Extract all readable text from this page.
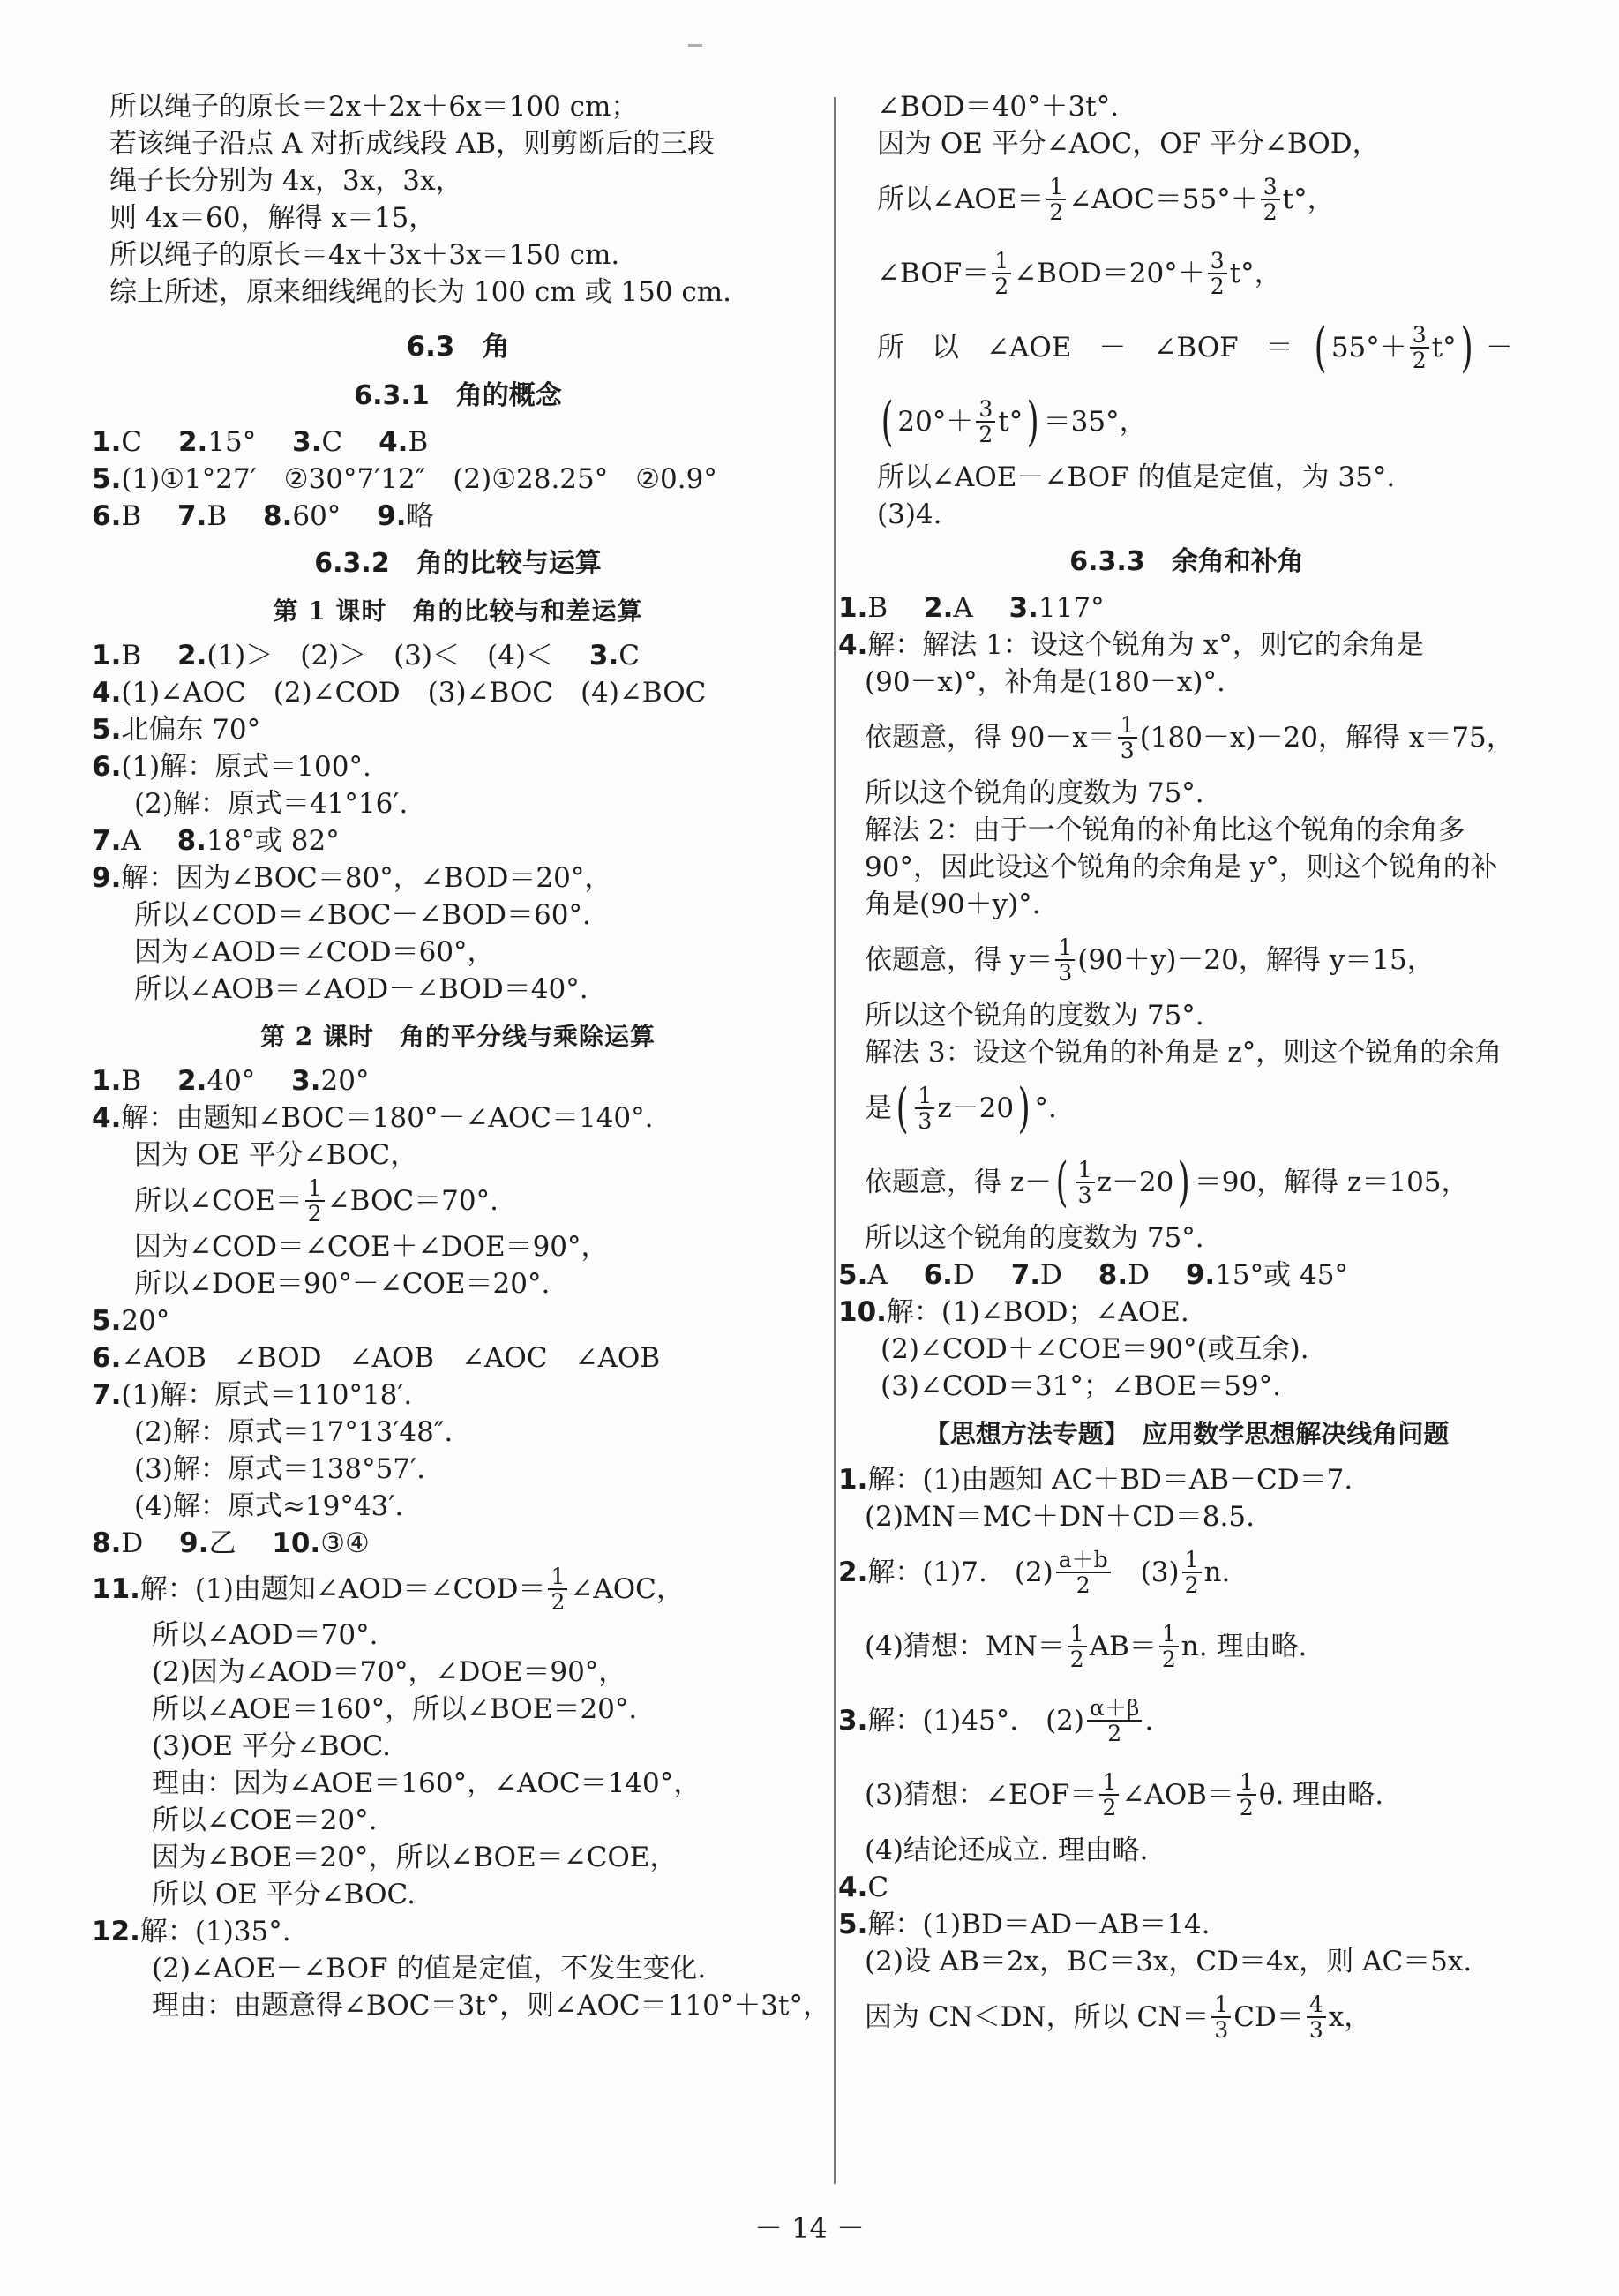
所以绳子的原长＝2x＋2x＋6x＝100 cm；
若该绳子沿点 A 对折成线段 AB，则剪断后的三段
绳子长分别为 4x，3x，3x，
则 4x＝60，解得 x＝15，
所以绳子的原长＝4x＋3x＋3x＝150 cm.
综上所述，原来细线绳的长为 100 cm 或 150 cm.
6.3　角
6.3.1　角的概念
1.C　 2.15°　 3.C　 4.B
5.(1)①1°27′　②30°7′12″　(2)①28.25°　②0.9°
6.B　 7.B　 8.60°　 9.略
6.3.2　角的比较与运算
第 1 课时　角的比较与和差运算
1.B　 2.(1)＞　(2)＞　(3)＜　(4)＜　 3.C
4.(1)∠AOC　(2)∠COD　(3)∠BOC　(4)∠BOC
5.北偏东 70°
6.(1)解：原式＝100°.
(2)解：原式＝41°16′.
7.A　 8.18°或 82°
9.解：因为∠BOC＝80°，∠BOD＝20°，
所以∠COD＝∠BOC－∠BOD＝60°.
因为∠AOD＝∠COD＝60°，
所以∠AOB＝∠AOD－∠BOD＝40°.
第 2 课时　角的平分线与乘除运算
1.B　 2.40°　 3.20°
4.解：由题知∠BOC＝180°－∠AOC＝140°.
因为 OE 平分∠BOC，
所以∠COE＝ $\frac{1}{2}$ ∠BOC＝70°.
因为∠COD＝∠COE＋∠DOE＝90°，
所以∠DOE＝90°－∠COE＝20°.
5.20°
6.∠AOB　∠BOD　∠AOB　∠AOC　∠AOB
7.(1)解：原式＝110°18′.
(2)解：原式＝17°13′48″.
(3)解：原式＝138°57′.
(4)解：原式≈19°43′.
8.D　 9.乙　 10.③④
11. 解：(1)由题知∠AOD＝∠COD＝ $\frac{1}{2}$ ∠AOC，
所以∠AOD＝70°.
(2)因为∠AOD＝70°，∠DOE＝90°，
所以∠AOE＝160°，所以∠BOE＝20°.
(3)OE 平分∠BOC.
理由：因为∠AOE＝160°，∠AOC＝140°，
所以∠COE＝20°.
因为∠BOE＝20°，所以∠BOE＝∠COE，
所以 OE 平分∠BOC.
12.解：(1)35°.
(2)∠AOE－∠BOF 的值是定值，不发生变化.
理由：由题意得∠BOC＝3t°，则∠AOC＝110°＋3t°，
∠BOD＝40°＋3t°.
因为 OE 平分∠AOC，OF 平分∠BOD，
所以∠AOE＝ $\frac{1}{2}$ ∠AOC＝55°＋ $\frac{3}{2} t^\circ$，
∠BOF＝ $\frac{1}{2}$ ∠BOD＝20°＋ $\frac{3}{2} t^\circ$，
所　以　∠AOE　－　∠BOF　＝
( $55^\circ+ \frac{3}{2} t^\circ$ )
－
( $20^\circ+ \frac{3}{2} t^\circ$ ) ＝35°，
所以∠AOE－∠BOF 的值是定值，为 35°.
(3)4.
6.3.3　余角和补角
1.B　 2.A　 3.117°
4.解：解法 1：设这个锐角为 x°，则它的余角是
(90－x)°，补角是(180－x)°.
依题意，得 $90-x= \frac{1}{3} (180-x)-20$，解得 x＝75，
所以这个锐角的度数为 75°.
解法 2：由于一个锐角的补角比这个锐角的余角多
90°，因此设这个锐角的余角是 y°，则这个锐角的补
角是(90＋y)°.
依题意，得 $y= \frac{1}{3} (90+y)-20$，解得 y＝15，
所以这个锐角的度数为 75°.
解法 3：设这个锐角的补角是 z°，则这个锐角的余角
是 ( $\frac{1}{3} z-20$ ) °.
依题意，得 z－ ( $\frac{1}{3} z-20$ ) ＝90，解得 z＝105，
所以这个锐角的度数为 75°.
5.A　 6.D　 7.D　 8.D　 9.15°或 45°
10.解：(1)∠BOD；∠AOE.
(2)∠COD＋∠COE＝90°(或互余).
(3)∠COD＝31°；∠BOE＝59°.
【思想方法专题】　应用数学思想解决线角问题
1.解：(1)由题知 AC＋BD＝AB－CD＝7.
(2)MN＝MC＋DN＋CD＝8.5.
2. 解：(1)7.　$(2) \frac{a+b}{2}$ 　$(3) \frac{1}{2} n$.
(4)猜想：$MN= \frac{1}{2} AB= \frac{1}{2} n$. 理由略.
3. 解：(1)45°.　$(2) \frac{\alpha+\beta}{2}$ .
(3)猜想：∠EOF＝ $\frac{1}{2}$ ∠AOB＝ $\frac{1}{2} \theta$. 理由略.
(4)结论还成立. 理由略.
4.C
5.解：(1)BD＝AD－AB＝14.
(2)设 AB＝2x，BC＝3x，CD＝4x，则 AC＝5x.
因为 CN＜DN，所以 $CN= \frac{1}{3} CD= \frac{4}{3}$ x，
－ 14 －
